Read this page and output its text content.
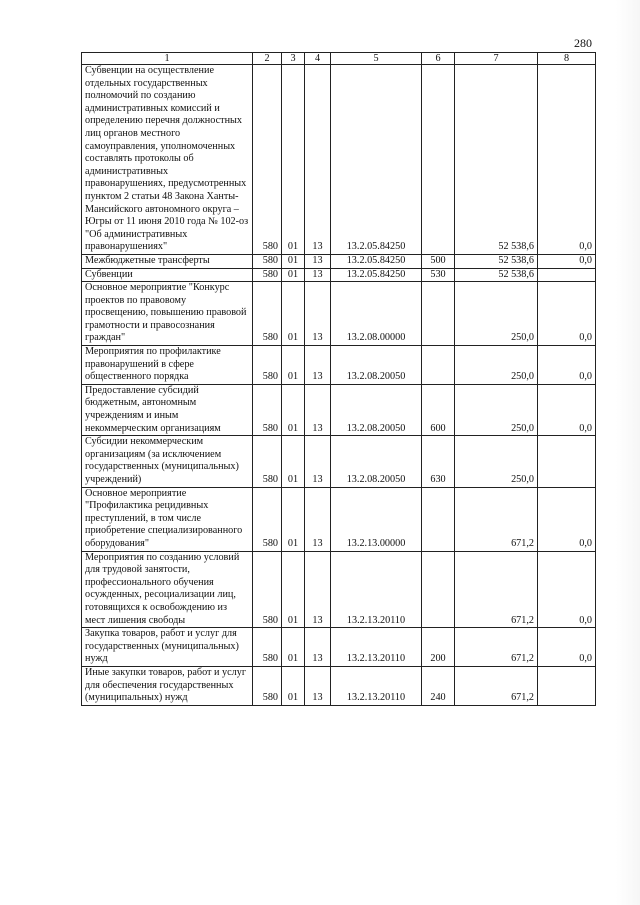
280
1	2	3	4	5	6	7	8
Субвенции на осуществление отдельных государственных полномочий по созданию административных комиссий и определению перечня должностных лиц органов местного самоуправления, уполномоченных составлять протоколы об административных правонарушениях, предусмотренных пунктом 2 статьи 48 Закона Ханты-Мансийского автономного округа – Югры от 11 июня 2010 года № 102-оз "Об административных правонарушениях"	580	01	13	13.2.05.84250		52 538,6	0,0
Межбюджетные трансферты	580	01	13	13.2.05.84250	500	52 538,6	0,0
Субвенции	580	01	13	13.2.05.84250	530	52 538,6	
Основное мероприятие "Конкурс проектов по правовому просвещению, повышению правовой грамотности и правосознания граждан"	580	01	13	13.2.08.00000		250,0	0,0
Мероприятия по профилактике правонарушений в сфере общественного порядка	580	01	13	13.2.08.20050		250,0	0,0
Предоставление субсидий бюджетным, автономным учреждениям и иным некоммерческим организациям	580	01	13	13.2.08.20050	600	250,0	0,0
Субсидии некоммерческим организациям (за исключением государственных (муниципальных) учреждений)	580	01	13	13.2.08.20050	630	250,0	
Основное мероприятие "Профилактика рецидивных преступлений, в том числе приобретение специализированного оборудования"	580	01	13	13.2.13.00000		671,2	0,0
Мероприятия по созданию условий для трудовой занятости, профессионального обучения осужденных, ресоциализации лиц, готовящихся к освобождению из мест лишения свободы	580	01	13	13.2.13.20110		671,2	0,0
Закупка товаров, работ и услуг для государственных (муниципальных) нужд	580	01	13	13.2.13.20110	200	671,2	0,0
Иные закупки товаров, работ и услуг для обеспечения государственных (муниципальных) нужд	580	01	13	13.2.13.20110	240	671,2	
